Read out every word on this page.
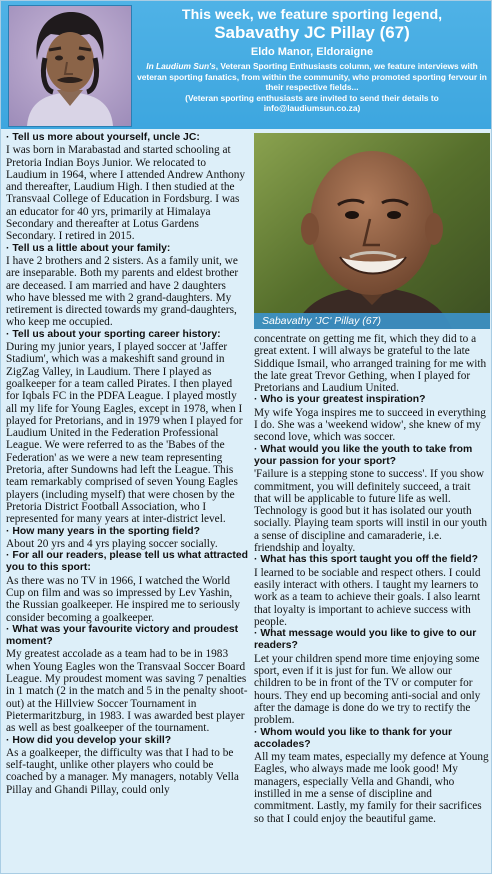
This week, we feature sporting legend,
Sabavathy JC Pillay (67)
Eldo Manor, Eldoraigne
In Laudium Sun's, Veteran Sporting Enthusiasts column, we feature interviews with veteran sporting fanatics, from within the community, who promoted sporting fervour in their respective fields...
(Veteran sporting enthusiasts are invited to send their details to info@laudiumsun.co.za)

· Tell us more about yourself, uncle JC:

I was born in Marabastad and started schooling at Pretoria Indian Boys Junior. We relocated to Laudium in 1964, where I attended Andrew Anthony and thereafter, Laudium High. I then studied at the Transvaal College of Education in Fordsburg. I was an educator for 40 yrs, primarily at Himalaya Secondary and thereafter at Lotus Gardens Secondary. I retired in 2015.

· Tell us a little about your family:

I have 2 brothers and 2 sisters. As a family unit, we are inseparable. Both my parents and eldest brother are deceased. I am married and have 2 daughters who have blessed me with 2 grand-daughters. My retirement is directed towards my grand-daughters, who keep me occupied.

· Tell us about your sporting career history:

During my junior years, I played soccer at 'Jaffer Stadium', which was a makeshift sand ground in ZigZag Valley, in Laudium. There I played as goalkeeper for a team called Pirates. I then played for Iqbals FC in the PDFA League. I played mostly all my life for Young Eagles, except in 1978, when I played for Pretorians, and in 1979 when I played for Laudium United in the Federation Professional League. We were referred to as the 'Babes of the Federation' as we were a new team representing Pretoria, after Sundowns had left the League. This team remarkably comprised of seven Young Eagles players (including myself) that were chosen by the Pretoria District Football Association, who I represented for many years at inter-district level.

· How many years in the sporting field?

About 20 yrs and 4 yrs playing soccer socially.

· For all our readers, please tell us what attracted you to this sport:

As there was no TV in 1966, I watched the World Cup on film and was so impressed by Lev Yashin, the Russian goalkeeper. He inspired me to seriously consider becoming a goalkeeper.

· What was your favourite victory and proudest moment?

My greatest accolade as a team had to be in 1983 when Young Eagles won the Transvaal Soccer Board League. My proudest moment was saving 7 penalties in 1 match (2 in the match and 5 in the penalty shoot-out) at the Hillview Soccer Tournament in Pietermaritzburg, in 1983. I was awarded best player as well as best goalkeeper of the tournament.

· How did you develop your skill?

As a goalkeeper, the difficulty was that I had to be self-taught, unlike other players who could be coached by a manager. My managers, notably Vella Pillay and Ghandi Pillay, could only

Sabavathy 'JC' Pillay (67)

concentrate on getting me fit, which they did to a great extent. I will always be grateful to the late Siddique Ismail, who arranged training for me with the late great Trevor Gething, when I played for Pretorians and Laudium United.

· Who is your greatest inspiration?

My wife Yoga inspires me to succeed in everything I do. She was a 'weekend widow', she knew of my second love, which was soccer.

· What would you like the youth to take from your passion for your sport?

'Failure is a stepping stone to success'. If you show commitment, you will definitely succeed, a trait that will be applicable to future life as well. Technology is good but it has isolated our youth socially. Playing team sports will instil in our youth a sense of discipline and camaraderie, i.e. friendship and loyalty.

· What has this sport taught you off the field?

I learned to be sociable and respect others. I could easily interact with others. I taught my learners to work as a team to achieve their goals. I also learnt that loyalty is important to achieve success with people.

· What message would you like to give to our readers?

Let your children spend more time enjoying some sport, even if it is just for fun. We allow our children to be in front of the TV or computer for hours. They end up becoming anti-social and only after the damage is done do we try to rectify the problem.

· Whom would you like to thank for your accolades?

All my team mates, especially my defence at Young Eagles, who always made me look good! My managers, especially Vella and Ghandi, who instilled in me a sense of discipline and commitment. Lastly, my family for their sacrifices so that I could enjoy the beautiful game.
